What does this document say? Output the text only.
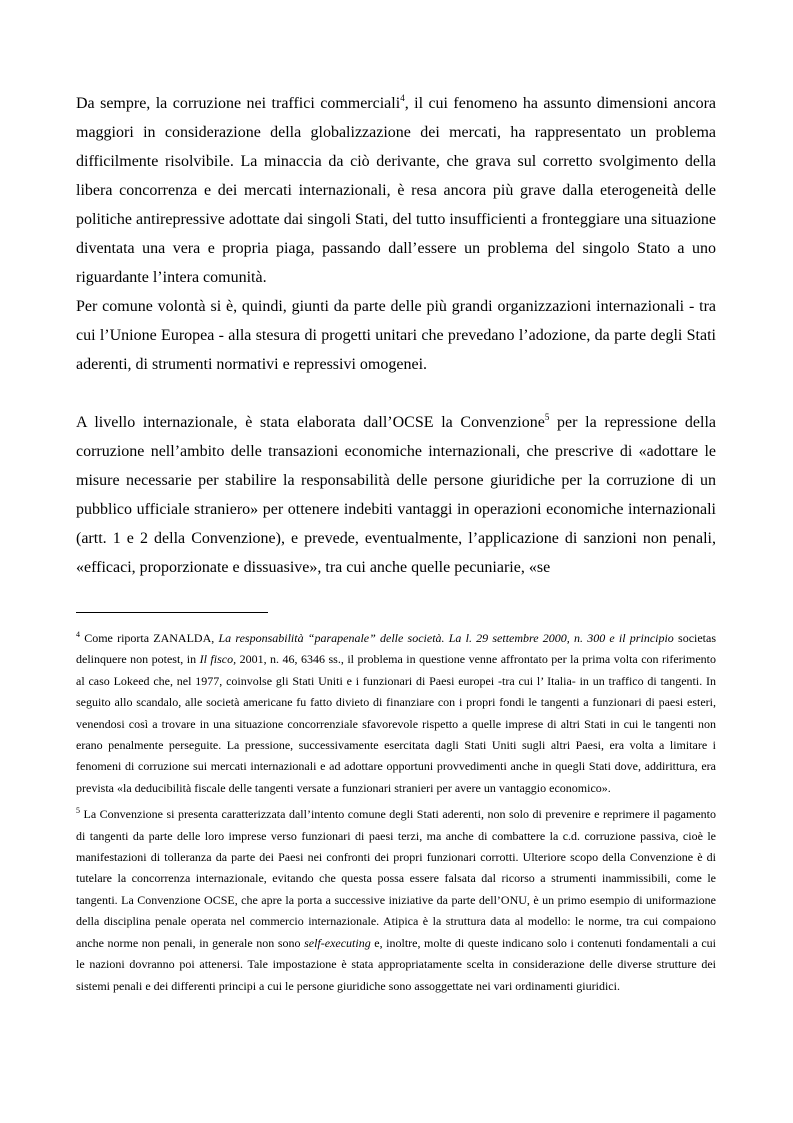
Da sempre, la corruzione nei traffici commerciali$^4$, il cui fenomeno ha assunto dimensioni ancora maggiori in considerazione della globalizzazione dei mercati, ha rappresentato un problema difficilmente risolvibile. La minaccia da ciò derivante, che grava sul corretto svolgimento della libera concorrenza e dei mercati internazionali, è resa ancora più grave dalla eterogeneità delle politiche antirepressive adottate dai singoli Stati, del tutto insufficienti a fronteggiare una situazione diventata una vera e propria piaga, passando dall’essere un problema del singolo Stato a uno riguardante l’intera comunità.

Per comune volontà si è, quindi, giunti da parte delle più grandi organizzazioni internazionali - tra cui l’Unione Europea - alla stesura di progetti unitari che prevedano l’adozione, da parte degli Stati aderenti, di strumenti normativi e repressivi omogenei.

A livello internazionale, è stata elaborata dall’OCSE la Convenzione$^5$ per la repressione della corruzione nell’ambito delle transazioni economiche internazionali, che prescrive di «adottare le misure necessarie per stabilire la responsabilità delle persone giuridiche per la corruzione di un pubblico ufficiale straniero» per ottenere indebiti vantaggi in operazioni economiche internazionali (artt. 1 e 2 della Convenzione), e prevede, eventualmente, l’applicazione di sanzioni non penali, «efficaci, proporzionate e dissuasive», tra cui anche quelle pecuniarie, «se

$^4$ Come riporta ZANALDA, La responsabilità “parapenale” delle società. La l. 29 settembre 2000, n. 300 e il principio societas delinquere non potest, in Il fisco, 2001, n. 46, 6346 ss., il problema in questione venne affrontato per la prima volta con riferimento al caso Lokeed che, nel 1977, coinvolse gli Stati Uniti e i funzionari di Paesi europei -tra cui l’ Italia- in un traffico di tangenti. In seguito allo scandalo, alle società americane fu fatto divieto di finanziare con i propri fondi le tangenti a funzionari di paesi esteri, venendosi così a trovare in una situazione concorrenziale sfavorevole rispetto a quelle imprese di altri Stati in cui le tangenti non erano penalmente perseguite. La pressione, successivamente esercitata dagli Stati Uniti sugli altri Paesi, era volta a limitare i fenomeni di corruzione sui mercati internazionali e ad adottare opportuni provvedimenti anche in quegli Stati dove, addirittura, era prevista «la deducibilità fiscale delle tangenti versate a funzionari stranieri per avere un vantaggio economico».

$^5$ La Convenzione si presenta caratterizzata dall’intento comune degli Stati aderenti, non solo di prevenire e reprimere il pagamento di tangenti da parte delle loro imprese verso funzionari di paesi terzi, ma anche di combattere la c.d. corruzione passiva, cioè le manifestazioni di tolleranza da parte dei Paesi nei confronti dei propri funzionari corrotti. Ulteriore scopo della Convenzione è di tutelare la concorrenza internazionale, evitando che questa possa essere falsata dal ricorso a strumenti inammissibili, come le tangenti. La Convenzione OCSE, che apre la porta a successive iniziative da parte dell’ONU, è un primo esempio di uniformazione della disciplina penale operata nel commercio internazionale. Atipica è la struttura data al modello: le norme, tra cui compaiono anche norme non penali, in generale non sono self-executing e, inoltre, molte di queste indicano solo i contenuti fondamentali a cui le nazioni dovranno poi attenersi. Tale impostazione è stata appropriatamente scelta in considerazione delle diverse strutture dei sistemi penali e dei differenti principi a cui le persone giuridiche sono assoggettate nei vari ordinamenti giuridici.
